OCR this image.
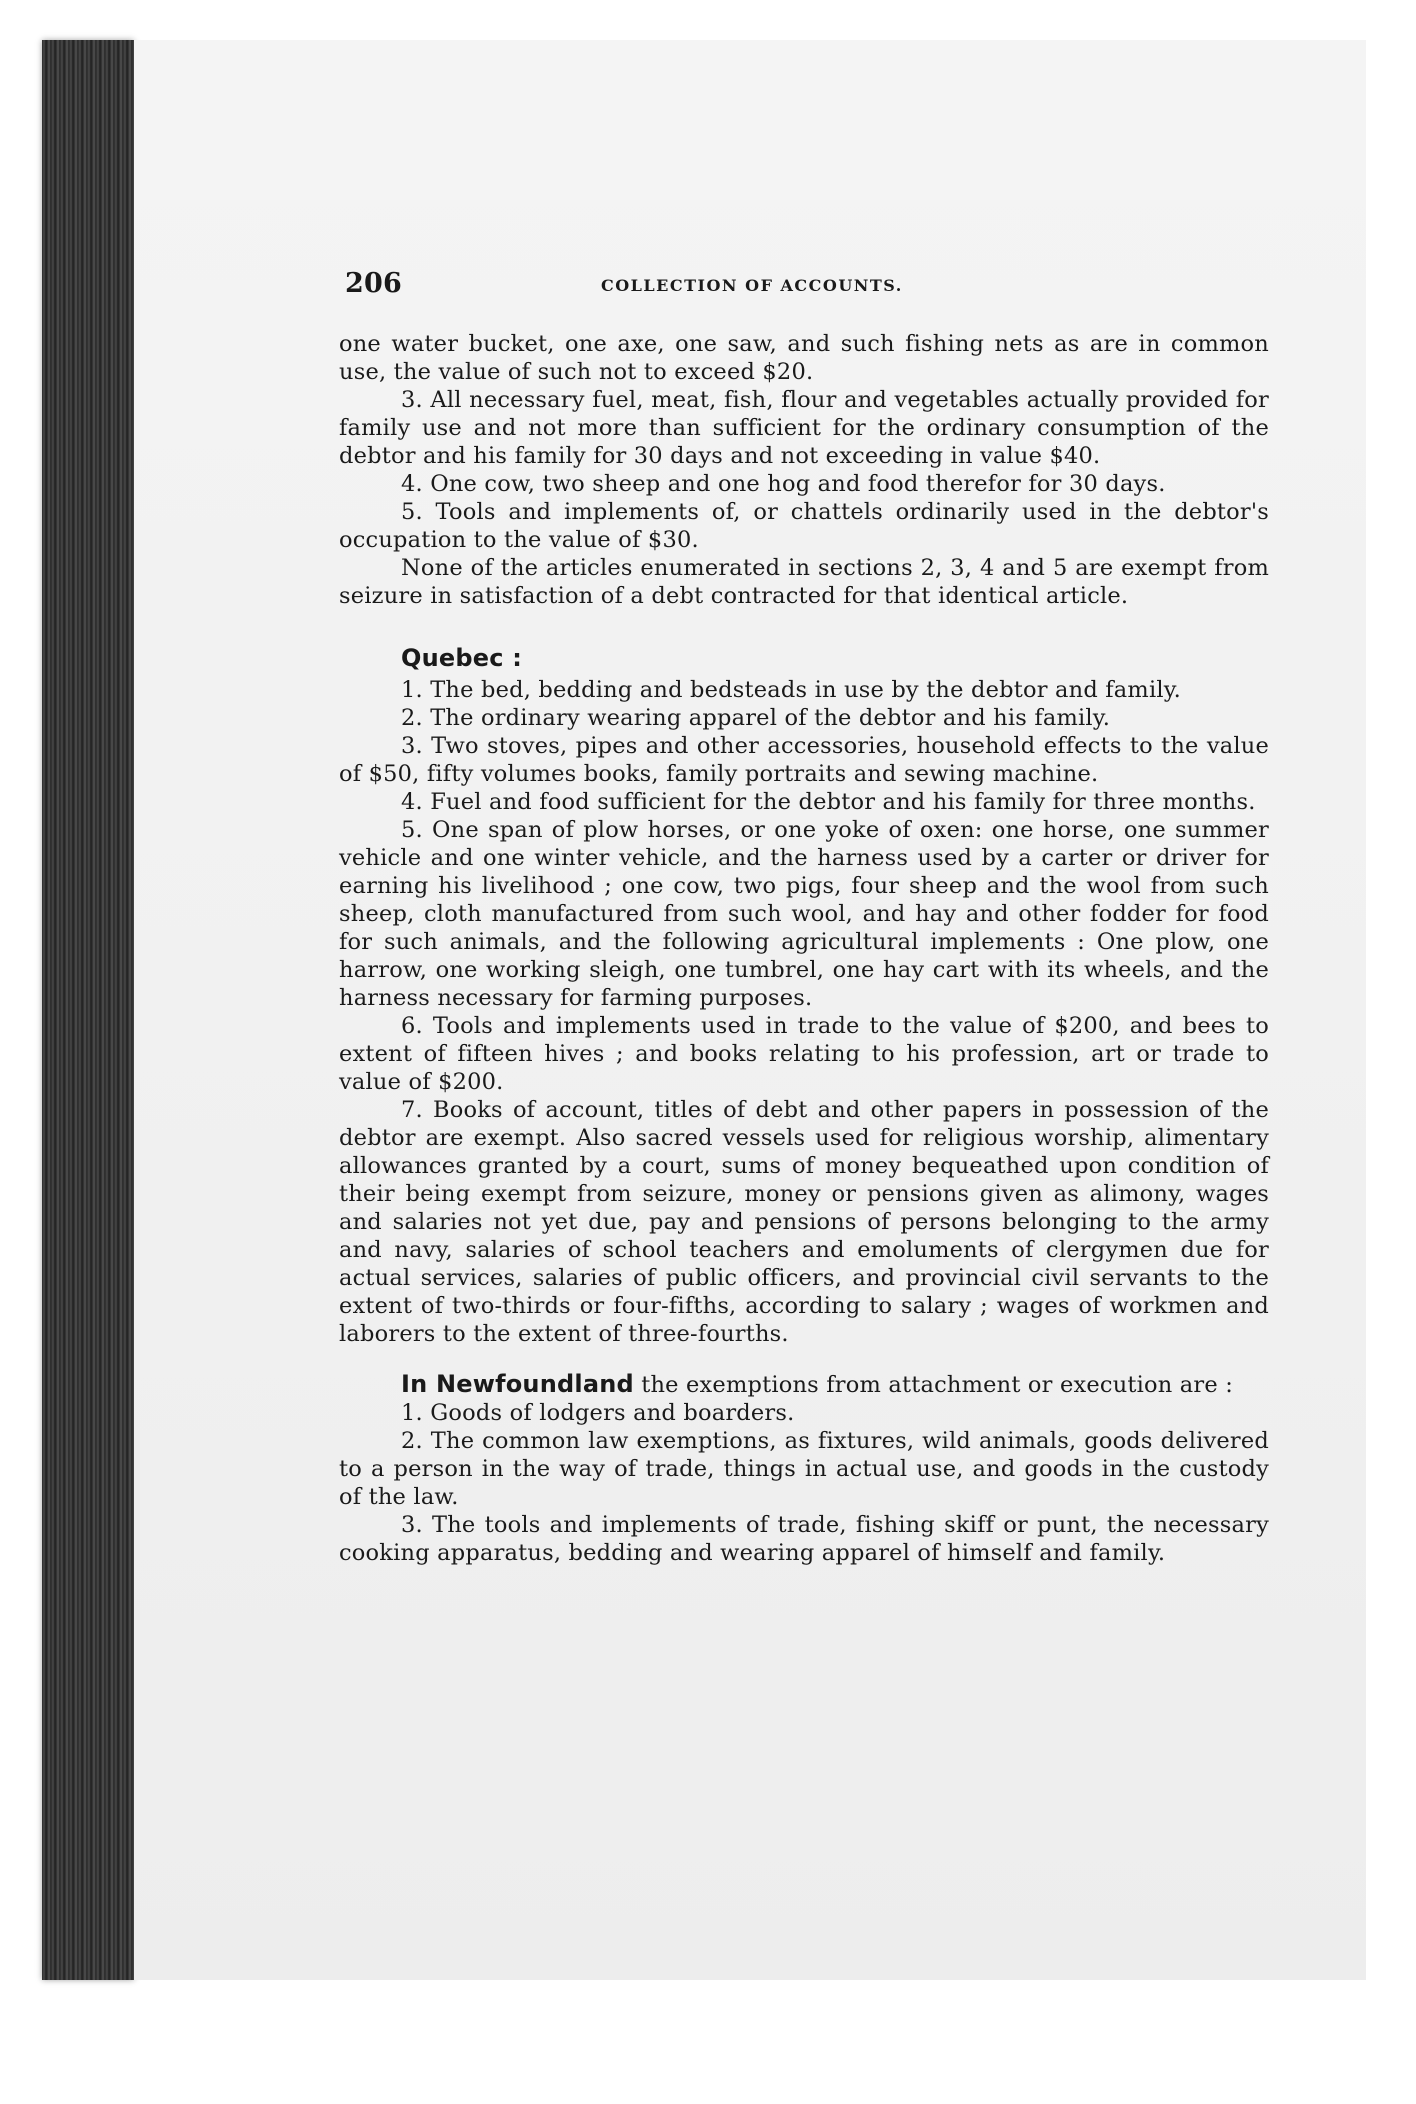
206	COLLECTION OF ACCOUNTS.

one water bucket, one axe, one saw, and such fishing nets as are in common use, the value of such not to exceed $20.

3. All necessary fuel, meat, fish, flour and vegetables actually provided for family use and not more than sufficient for the ordinary consumption of the debtor and his family for 30 days and not exceeding in value $40.

4. One cow, two sheep and one hog and food therefor for 30 days.

5. Tools and implements of, or chattels ordinarily used in the debtor's occupation to the value of $30.

None of the articles enumerated in sections 2, 3, 4 and 5 are exempt from seizure in satisfaction of a debt contracted for that identical article.

Quebec :

1. The bed, bedding and bedsteads in use by the debtor and family.

2. The ordinary wearing apparel of the debtor and his family.

3. Two stoves, pipes and other accessories, household effects to the value of $50, fifty volumes books, family portraits and sewing machine.

4. Fuel and food sufficient for the debtor and his family for three months.

5. One span of plow horses, or one yoke of oxen: one horse, one summer vehicle and one winter vehicle, and the harness used by a carter or driver for earning his livelihood ; one cow, two pigs, four sheep and the wool from such sheep, cloth manufactured from such wool, and hay and other fodder for food for such animals, and the following agricultural implements : One plow, one harrow, one working sleigh, one tumbrel, one hay cart with its wheels, and the harness necessary for farming purposes.

6. Tools and implements used in trade to the value of $200, and bees to extent of fifteen hives ; and books relating to his profession, art or trade to value of $200.

7. Books of account, titles of debt and other papers in possession of the debtor are exempt. Also sacred vessels used for religious worship, alimentary allowances granted by a court, sums of money bequeathed upon condition of their being exempt from seizure, money or pensions given as alimony, wages and salaries not yet due, pay and pensions of persons belonging to the army and navy, salaries of school teachers and emoluments of clergymen due for actual services, salaries of public officers, and provincial civil servants to the extent of two-thirds or four-fifths, according to salary ; wages of workmen and laborers to the extent of three-fourths.

In Newfoundland the exemptions from attachment or execution are :

1. Goods of lodgers and boarders.

2. The common law exemptions, as fixtures, wild animals, goods delivered to a person in the way of trade, things in actual use, and goods in the custody of the law.

3. The tools and implements of trade, fishing skiff or punt, the necessary cooking apparatus, bedding and wearing apparel of himself and family.
